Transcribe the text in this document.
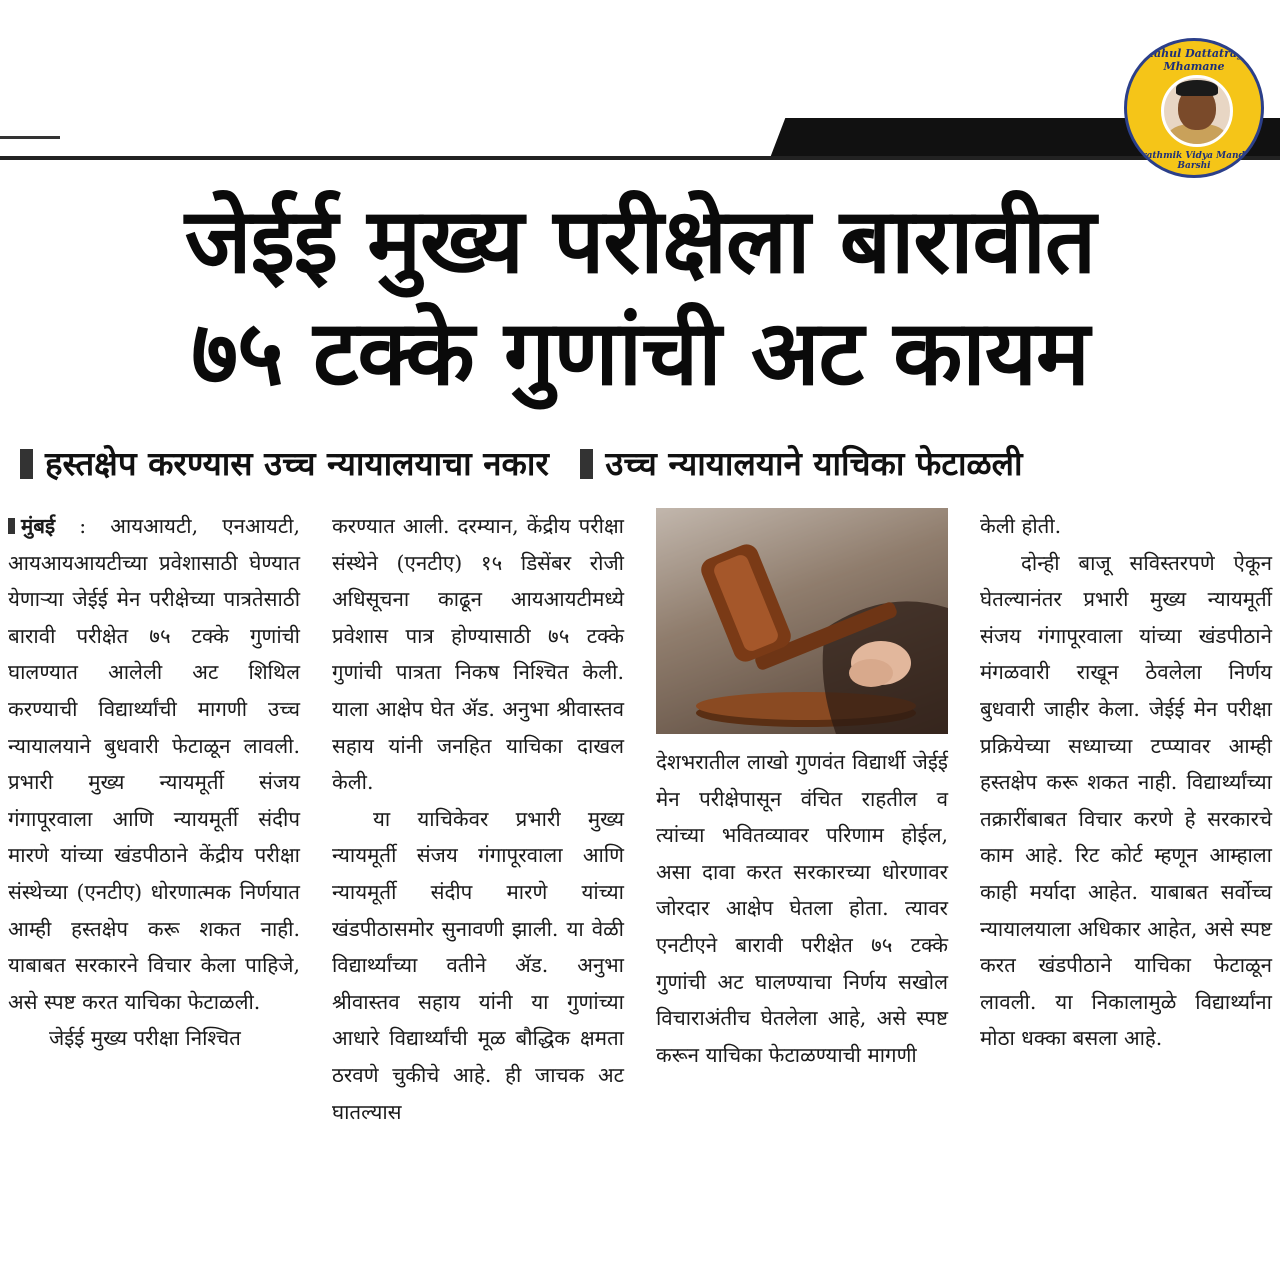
Rahul Dattatray Mhamane
Prathmik Vidya Mandir Barshi
जेईई मुख्य परीक्षेला बारावीत
७५ टक्के गुणांची अट कायम
हस्तक्षेप करण्यास उच्च न्यायालयाचा नकार उच्च न्यायालयाने याचिका फेटाळली

मुंबई : आयआयटी, एनआयटी, आयआयआयटीच्या प्रवेशासाठी घेण्यात येणाऱ्या जेईई मेन परीक्षेच्या पात्रतेसाठी बारावी परीक्षेत ७५ टक्के गुणांची घालण्यात आलेली अट शिथिल करण्याची विद्यार्थ्यांची मागणी उच्च न्यायालयाने बुधवारी फेटाळून लावली. प्रभारी मुख्य न्यायमूर्ती संजय गंगापूरवाला आणि न्यायमूर्ती संदीप मारणे यांच्या खंडपीठाने केंद्रीय परीक्षा संस्थेच्या (एनटीए) धोरणात्मक निर्णयात आम्ही हस्तक्षेप करू शकत नाही. याबाबत सरकारने विचार केला पाहिजे, असे स्पष्ट करत याचिका फेटाळली.

जेईई मुख्य परीक्षा निश्चित

करण्यात आली. दरम्यान, केंद्रीय परीक्षा संस्थेने (एनटीए) १५ डिसेंबर रोजी अधिसूचना काढून आयआयटीमध्ये प्रवेशास पात्र होण्यासाठी ७५ टक्के गुणांची पात्रता निकष निश्चित केली. याला आक्षेप घेत ॲड. अनुभा श्रीवास्तव सहाय यांनी जनहित याचिका दाखल केली.

या याचिकेवर प्रभारी मुख्य न्यायमूर्ती संजय गंगापूरवाला आणि न्यायमूर्ती संदीप मारणे यांच्या खंडपीठासमोर सुनावणी झाली. या वेळी विद्यार्थ्यांच्या वतीने ॲड. अनुभा श्रीवास्तव सहाय यांनी या गुणांच्या आधारे विद्यार्थ्यांची मूळ बौद्धिक क्षमता ठरवणे चुकीचे आहे. ही जाचक अट घातल्यास

देशभरातील लाखो गुणवंत विद्यार्थी जेईई मेन परीक्षेपासून वंचित राहतील व त्यांच्या भवितव्यावर परिणाम होईल, असा दावा करत सरकारच्या धोरणावर जोरदार आक्षेप घेतला होता. त्यावर एनटीएने बारावी परीक्षेत ७५ टक्के गुणांची अट घालण्याचा निर्णय सखोल विचाराअंतीच घेतलेला आहे, असे स्पष्ट करून याचिका फेटाळण्याची मागणी

केली होती.

दोन्ही बाजू सविस्तरपणे ऐकून घेतल्यानंतर प्रभारी मुख्य न्यायमूर्ती संजय गंगापूरवाला यांच्या खंडपीठाने मंगळवारी राखून ठेवलेला निर्णय बुधवारी जाहीर केला. जेईई मेन परीक्षा प्रक्रियेच्या सध्याच्या टप्प्यावर आम्ही हस्तक्षेप करू शकत नाही. विद्यार्थ्यांच्या तक्रारींबाबत विचार करणे हे सरकारचे काम आहे. रिट कोर्ट म्हणून आम्हाला काही मर्यादा आहेत. याबाबत सर्वोच्च न्यायालयाला अधिकार आहेत, असे स्पष्ट करत खंडपीठाने याचिका फेटाळून लावली. या निकालामुळे विद्यार्थ्यांना मोठा धक्का बसला आहे.
